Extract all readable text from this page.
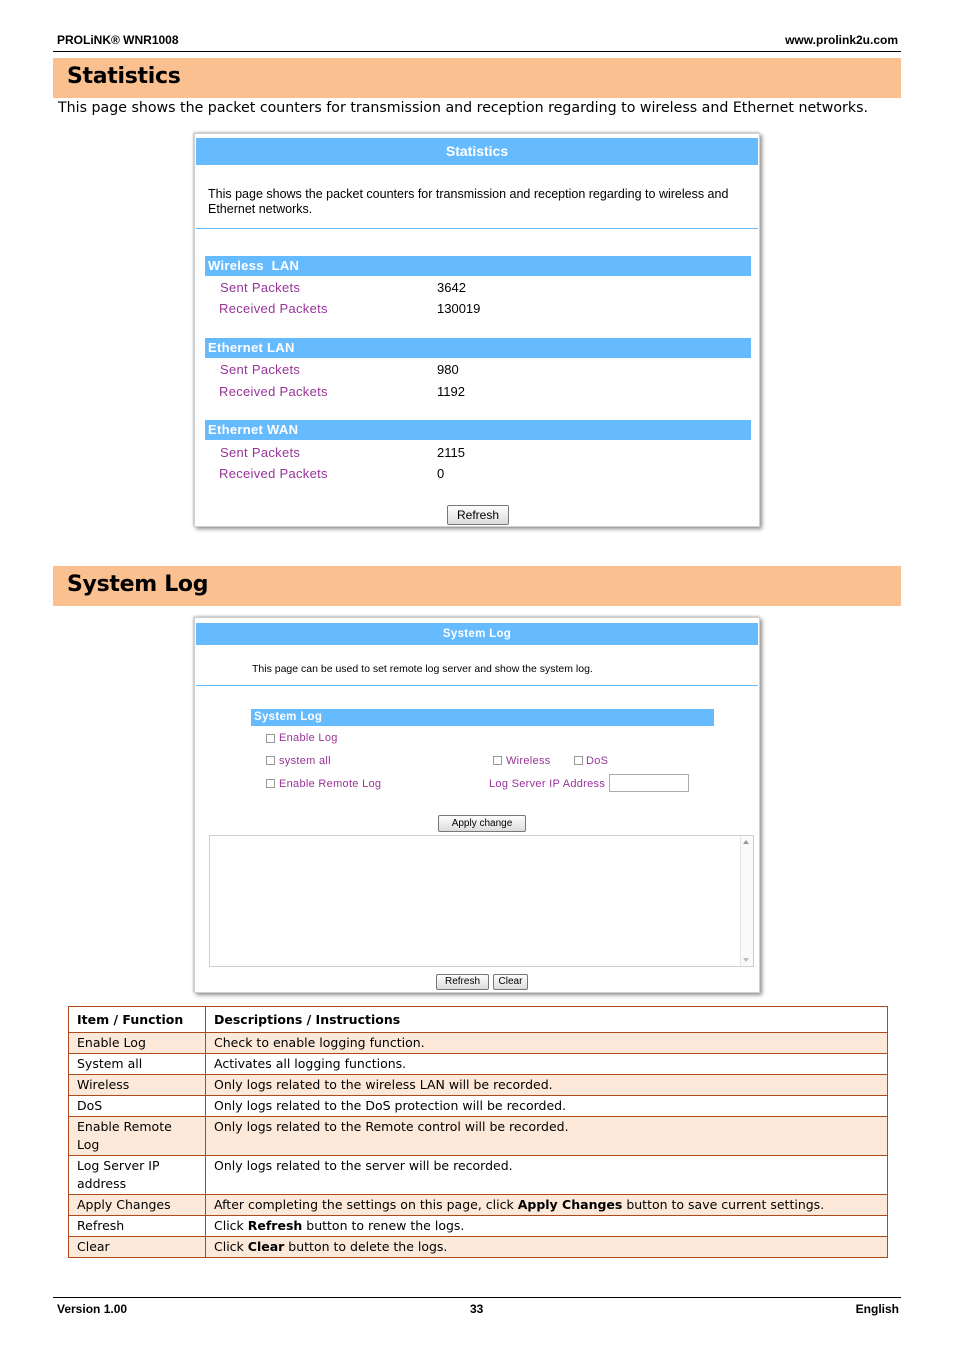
PROLiNK® WNR1008	www.prolink2u.com
Statistics
This page shows the packet counters for transmission and reception regarding to wireless and Ethernet networks.
Statistics
This page shows the packet counters for transmission and reception regarding to wireless and
Ethernet networks.
Wireless  LAN
Sent Packets	3642
Received Packets	130019
Ethernet LAN
Sent Packets	980
Received Packets	1192
Ethernet WAN
Sent Packets	2115
Received Packets	0
Refresh
System Log
System Log
This page can be used to set remote log server and show the system log.
System Log
Enable Log
system all	Wireless	DoS
Enable Remote Log	Log Server IP Address
Apply change
Refresh	Clear
Item / Function	Descriptions / Instructions
Enable Log	Check to enable logging function.
System all	Activates all logging functions.
Wireless	Only logs related to the wireless LAN will be recorded.
DoS	Only logs related to the DoS protection will be recorded.
Enable Remote Log	Only logs related to the Remote control will be recorded.
Log Server IP address	Only logs related to the server will be recorded.
Apply Changes	After completing the settings on this page, click Apply Changes button to save current settings.
Refresh	Click Refresh button to renew the logs.
Clear	Click Clear button to delete the logs.
Version 1.00	33	English
